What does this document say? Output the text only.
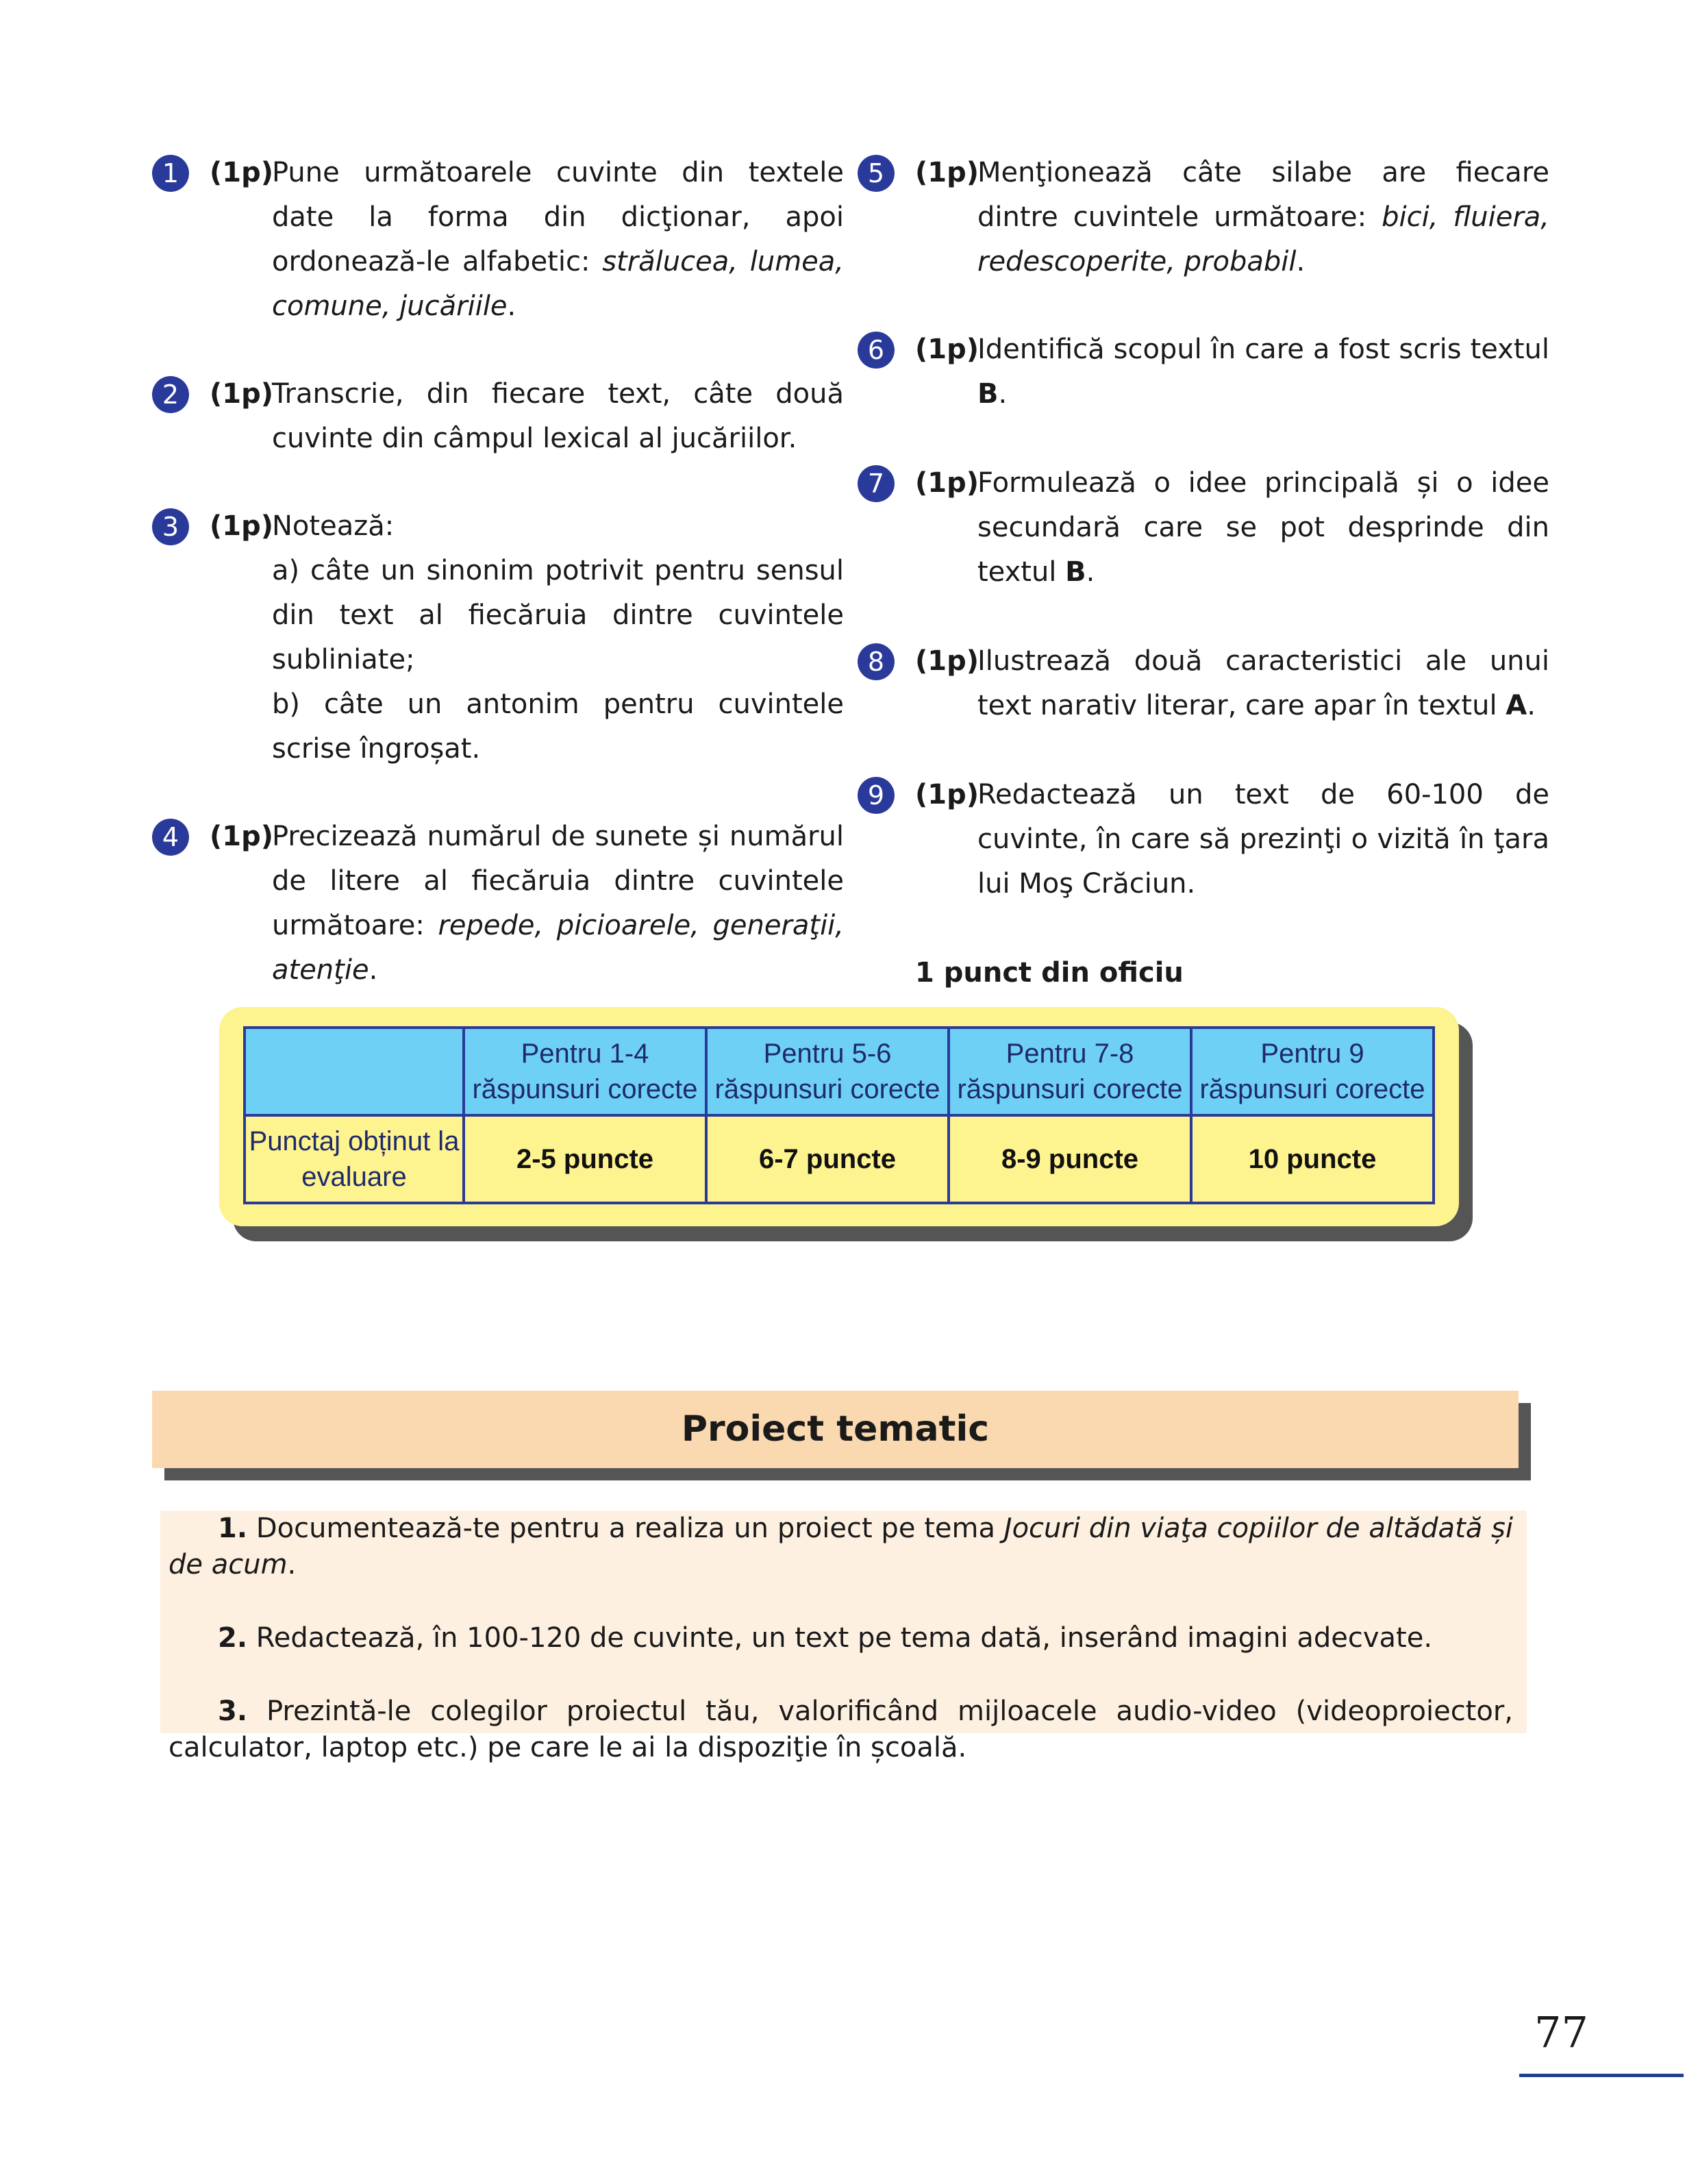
1	(1p)
Pune următoarele cuvinte din textele date la forma din dicţionar, apoi ordonează-le alfabetic: strălucea, lumea, comune, jucăriile.
2	(1p)
Transcrie, din fiecare text, câte două cuvinte din câmpul lexical al jucăriilor.
3	(1p)
Notează:
a) câte un sinonim potrivit pentru sensul din text al fiecăruia dintre cuvintele subliniate;
b) câte un antonim pentru cuvintele scrise îngroșat.
4	(1p)
Precizează numărul de sunete și numărul de litere al fiecăruia dintre cuvintele următoare: repede, picioarele, generaţii, atenţie.
5	(1p)
Menţionează câte silabe are fiecare dintre cuvintele următoare: bici, fluiera, redescoperite, probabil.
6	(1p)
Identifică scopul în care a fost scris textul B.
7	(1p)
Formulează o idee principală și o idee secundară care se pot desprinde din textul B.
8	(1p)
Ilustrează două caracteristici ale unui text narativ literar, care apar în textul A.
9	(1p)
Redactează un text de 60-100 de cuvinte, în care să prezinţi o vizită în ţara lui Moş Crăciun.
1 punct din oficiu
	Pentru 1-4 răspunsuri corecte	Pentru 5-6 răspunsuri corecte	Pentru 7-8 răspunsuri corecte	Pentru 9 răspunsuri corecte
Punctaj obținut la evaluare	2-5 puncte	6-7 puncte	8-9 puncte	10 puncte
Proiect tematic

1. Documentează-te pentru a realiza un proiect pe tema Jocuri din viaţa copiilor de altădată și de acum.

2. Redactează, în 100-120 de cuvinte, un text pe tema dată, inserând imagini adecvate.

3. Prezintă-le colegilor proiectul tău, valorificând mijloacele audio-video (videoproiector, calculator, laptop etc.) pe care le ai la dispoziţie în școală.

77
